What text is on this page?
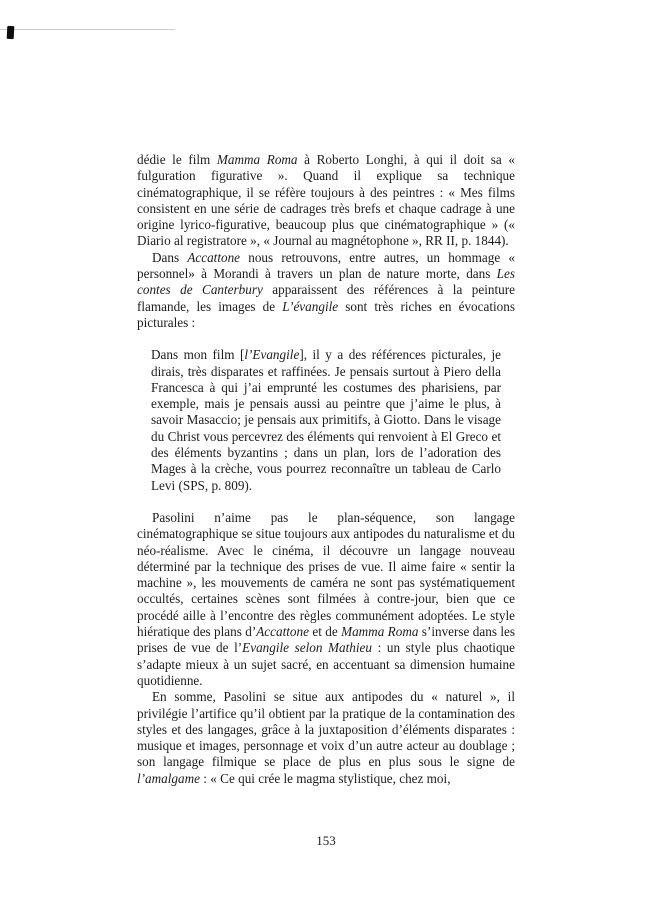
dédie le film Mamma Roma à Roberto Longhi, à qui il doit sa « fulguration figurative ». Quand il explique sa technique cinématographique, il se réfère toujours à des peintres : « Mes films consistent en une série de cadrages très brefs et chaque cadrage à une origine lyrico-figurative, beaucoup plus que cinématographique » (« Diario al registratore », « Journal au magnétophone », RR II, p. 1844).

Dans Accattone nous retrouvons, entre autres, un hommage « personnel» à Morandi à travers un plan de nature morte, dans Les contes de Canterbury apparaissent des références à la peinture flamande, les images de L’évangile sont très riches en évocations picturales :

Dans mon film [l’Evangile], il y a des références picturales, je dirais, très disparates et raffinées. Je pensais surtout à Piero della Francesca à qui j’ai emprunté les costumes des pharisiens, par exemple, mais je pensais aussi au peintre que j’aime le plus, à savoir Masaccio; je pensais aux primitifs, à Giotto. Dans le visage du Christ vous percevrez des éléments qui renvoient à El Greco et des éléments byzantins ; dans un plan, lors de l’adoration des Mages à la crèche, vous pourrez reconnaître un tableau de Carlo Levi (SPS, p. 809).

Pasolini n’aime pas le plan-séquence, son langage cinématographique se situe toujours aux antipodes du naturalisme et du néo-réalisme. Avec le cinéma, il découvre un langage nouveau déterminé par la technique des prises de vue. Il aime faire « sentir la machine », les mouvements de caméra ne sont pas systématiquement occultés, certaines scènes sont filmées à contre-jour, bien que ce procédé aille à l’encontre des règles communément adoptées. Le style hiératique des plans d’Accattone et de Mamma Roma s’inverse dans les prises de vue de l’Evangile selon Mathieu : un style plus chaotique s’adapte mieux à un sujet sacré, en accentuant sa dimension humaine quotidienne.

En somme, Pasolini se situe aux antipodes du « naturel », il privilégie l’artifice qu’il obtient par la pratique de la contamination des styles et des langages, grâce à la juxtaposition d’éléments disparates : musique et images, personnage et voix d’un autre acteur au doublage ; son langage filmique se place de plus en plus sous le signe de l’amalgame : « Ce qui crée le magma stylistique, chez moi,

153
